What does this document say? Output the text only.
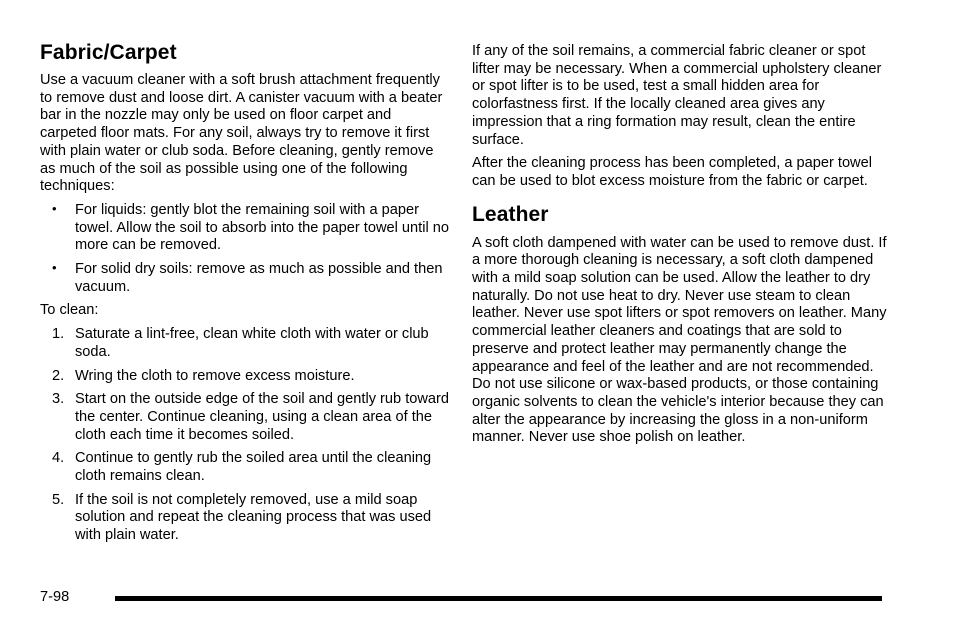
Fabric/Carpet

Use a vacuum cleaner with a soft brush attachment frequently to remove dust and loose dirt. A canister vacuum with a beater bar in the nozzle may only be used on floor carpet and carpeted floor mats. For any soil, always try to remove it first with plain water or club soda. Before cleaning, gently remove as much of the soil as possible using one of the following techniques:

• For liquids: gently blot the remaining soil with a paper towel. Allow the soil to absorb into the paper towel until no more can be removed.
• For solid dry soils: remove as much as possible and then vacuum.

To clean:

1. Saturate a lint-free, clean white cloth with water or club soda.
2. Wring the cloth to remove excess moisture.
3. Start on the outside edge of the soil and gently rub toward the center. Continue cleaning, using a clean area of the cloth each time it becomes soiled.
4. Continue to gently rub the soiled area until the cleaning cloth remains clean.
5. If the soil is not completely removed, use a mild soap solution and repeat the cleaning process that was used with plain water.

If any of the soil remains, a commercial fabric cleaner or spot lifter may be necessary. When a commercial upholstery cleaner or spot lifter is to be used, test a small hidden area for colorfastness first. If the locally cleaned area gives any impression that a ring formation may result, clean the entire surface.

After the cleaning process has been completed, a paper towel can be used to blot excess moisture from the fabric or carpet.

Leather

A soft cloth dampened with water can be used to remove dust. If a more thorough cleaning is necessary, a soft cloth dampened with a mild soap solution can be used. Allow the leather to dry naturally. Do not use heat to dry. Never use steam to clean leather. Never use spot lifters or spot removers on leather. Many commercial leather cleaners and coatings that are sold to preserve and protect leather may permanently change the appearance and feel of the leather and are not recommended. Do not use silicone or wax-based products, or those containing organic solvents to clean the vehicle's interior because they can alter the appearance by increasing the gloss in a non-uniform manner. Never use shoe polish on leather.

7-98
